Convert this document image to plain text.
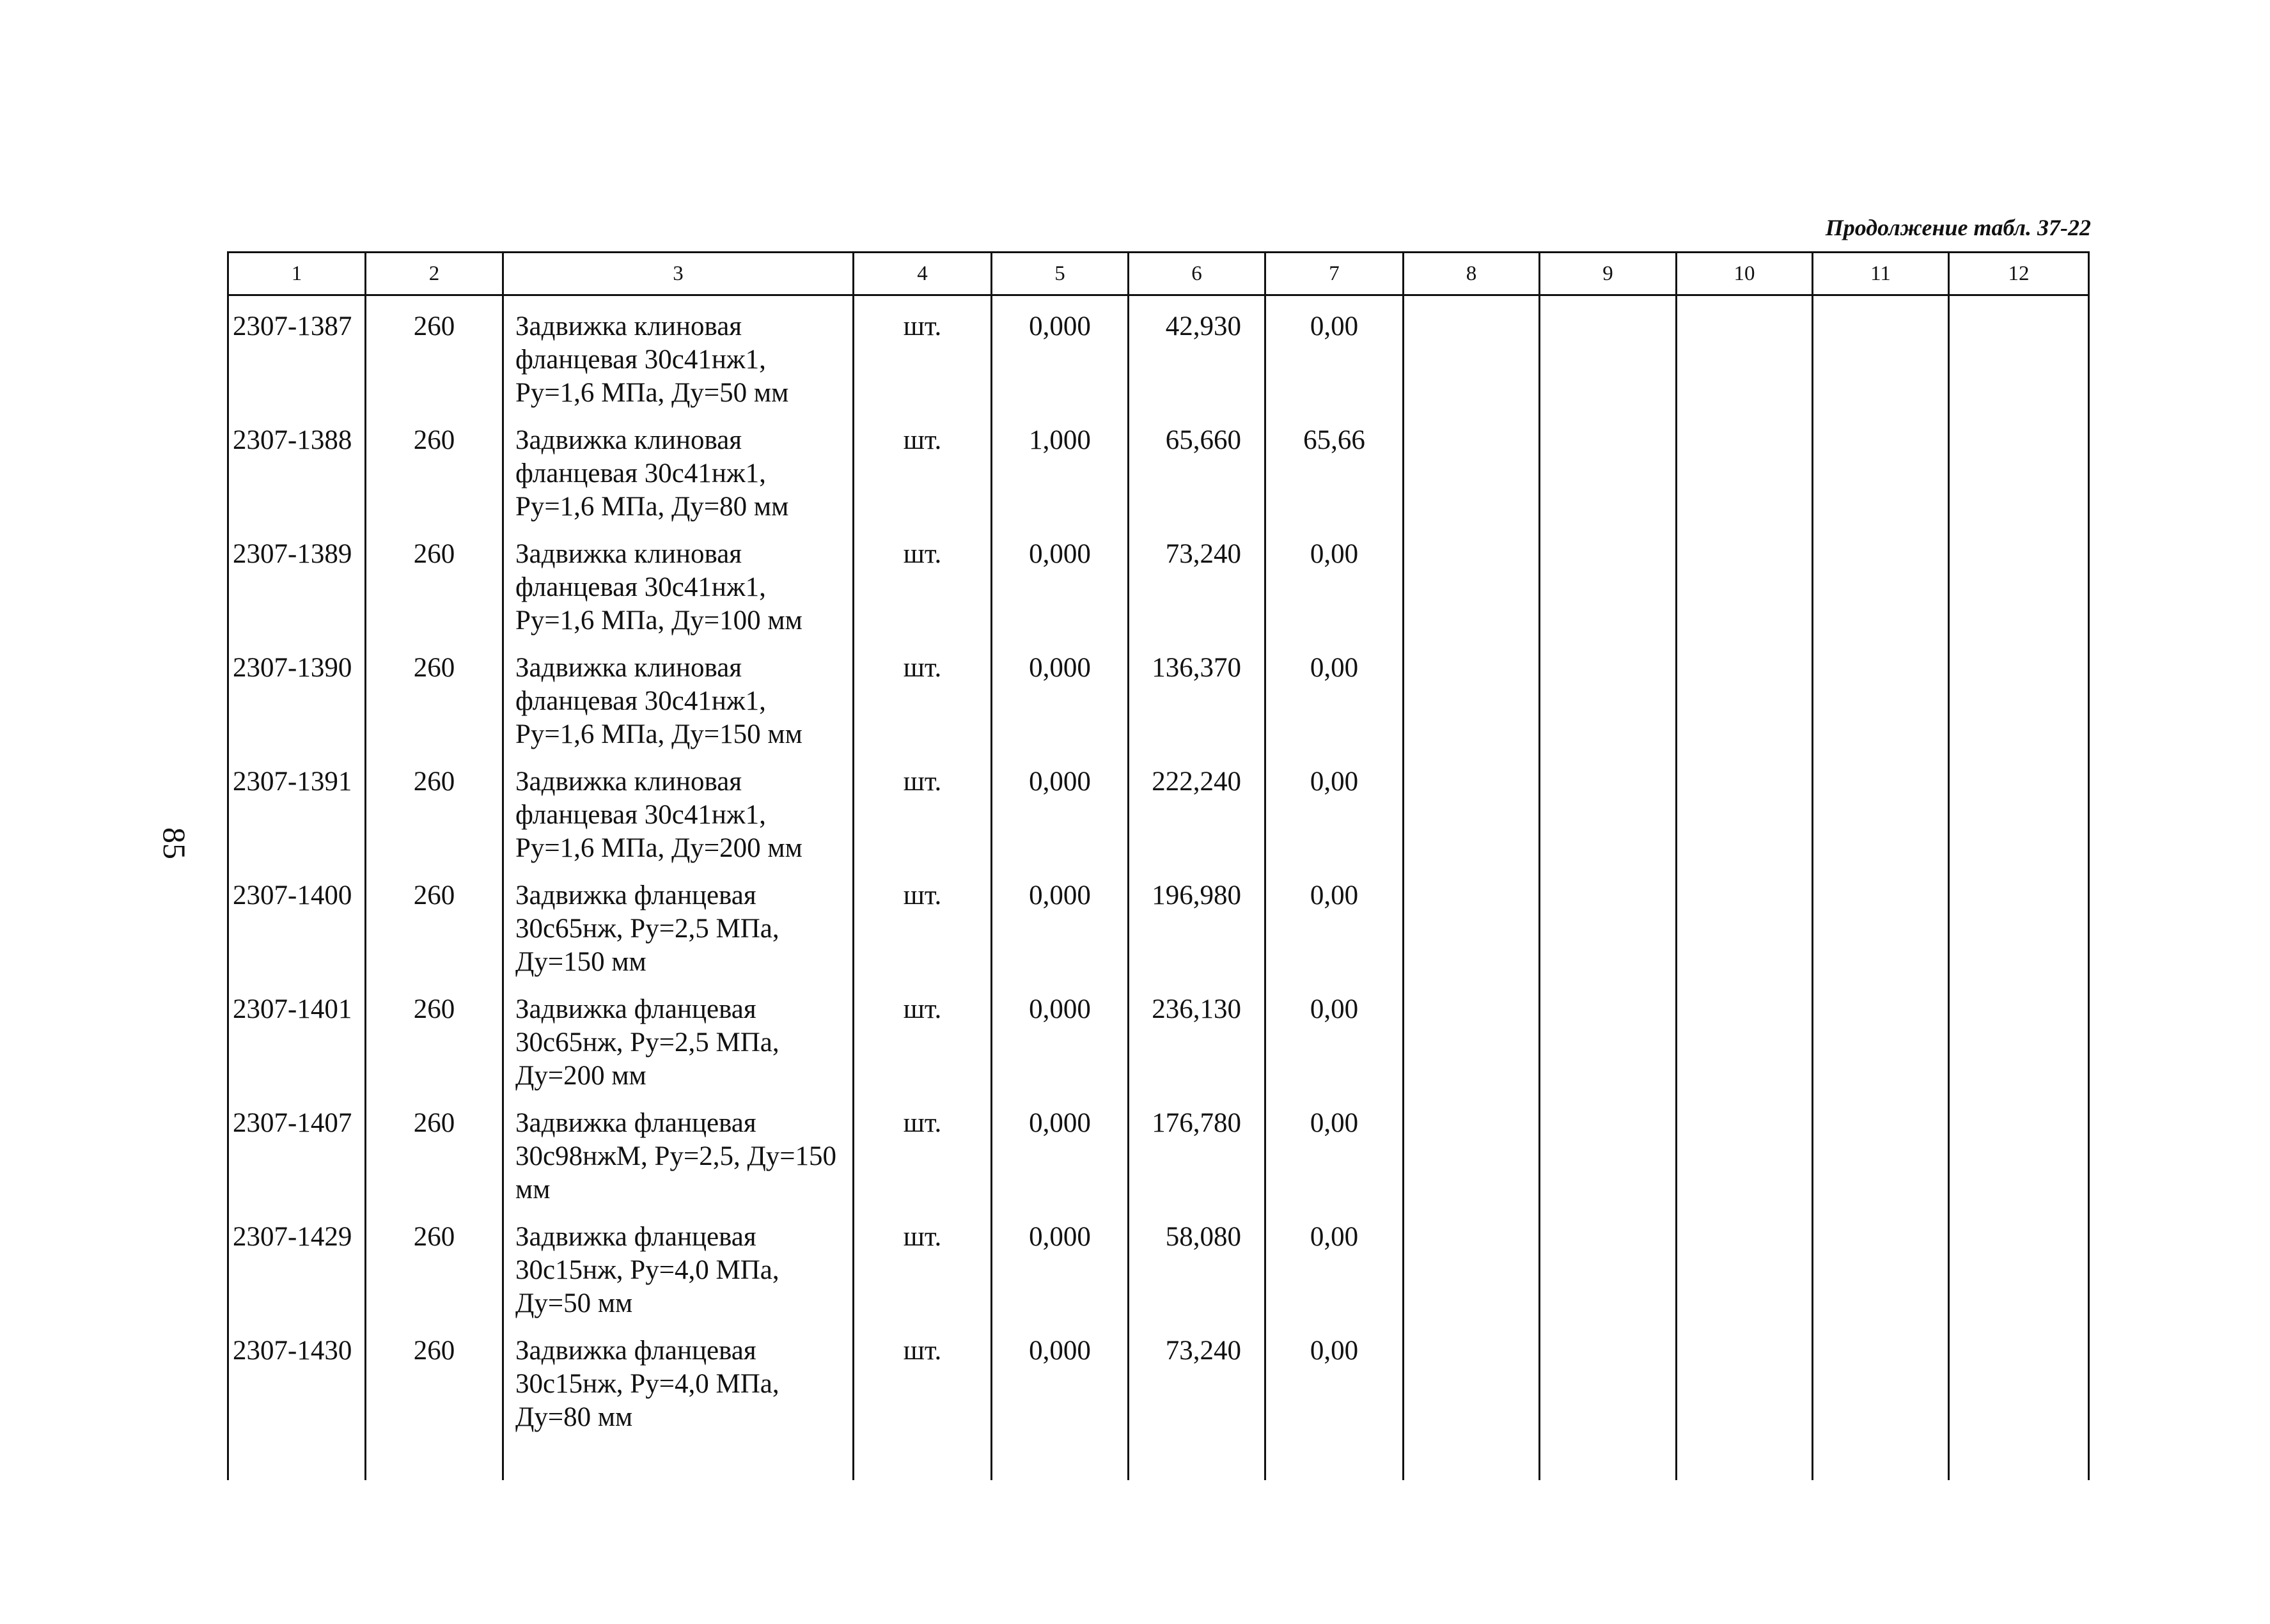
Продолжение табл. 37-22
85
1	2	3	4	5	6	7	8	9	10	11	12

2307-1387	260	Задвижка клиновая фланцевая 30с41нж1, Pу=1,6 МПа, Дy=50 мм	шт.	0,000	42,930	0,00					

2307-1388	260	Задвижка клиновая фланцевая 30с41нж1, Pу=1,6 МПа, Дy=80 мм	шт.	1,000	65,660	65,66					

2307-1389	260	Задвижка клиновая фланцевая 30с41нж1, Pу=1,6 МПа, Дy=100 мм	шт.	0,000	73,240	0,00					

2307-1390	260	Задвижка клиновая фланцевая 30с41нж1, Pу=1,6 МПа, Дy=150 мм	шт.	0,000	136,370	0,00					

2307-1391	260	Задвижка клиновая фланцевая 30с41нж1, Pу=1,6 МПа, Дy=200 мм	шт.	0,000	222,240	0,00					

2307-1400	260	Задвижка фланцевая 30с65нж, Pу=2,5 МПа, Дy=150 мм	шт.	0,000	196,980	0,00					

2307-1401	260	Задвижка фланцевая 30с65нж, Pу=2,5 МПа, Дy=200 мм	шт.	0,000	236,130	0,00					

2307-1407	260	Задвижка фланцевая 30с98нжМ, Pу=2,5, Дy=150 мм	шт.	0,000	176,780	0,00					

2307-1429	260	Задвижка фланцевая 30с15нж, Pу=4,0 МПа, Дy=50 мм	шт.	0,000	58,080	0,00					

2307-1430	260	Задвижка фланцевая 30с15нж, Pу=4,0 МПа, Дy=80 мм	шт.	0,000	73,240	0,00					
